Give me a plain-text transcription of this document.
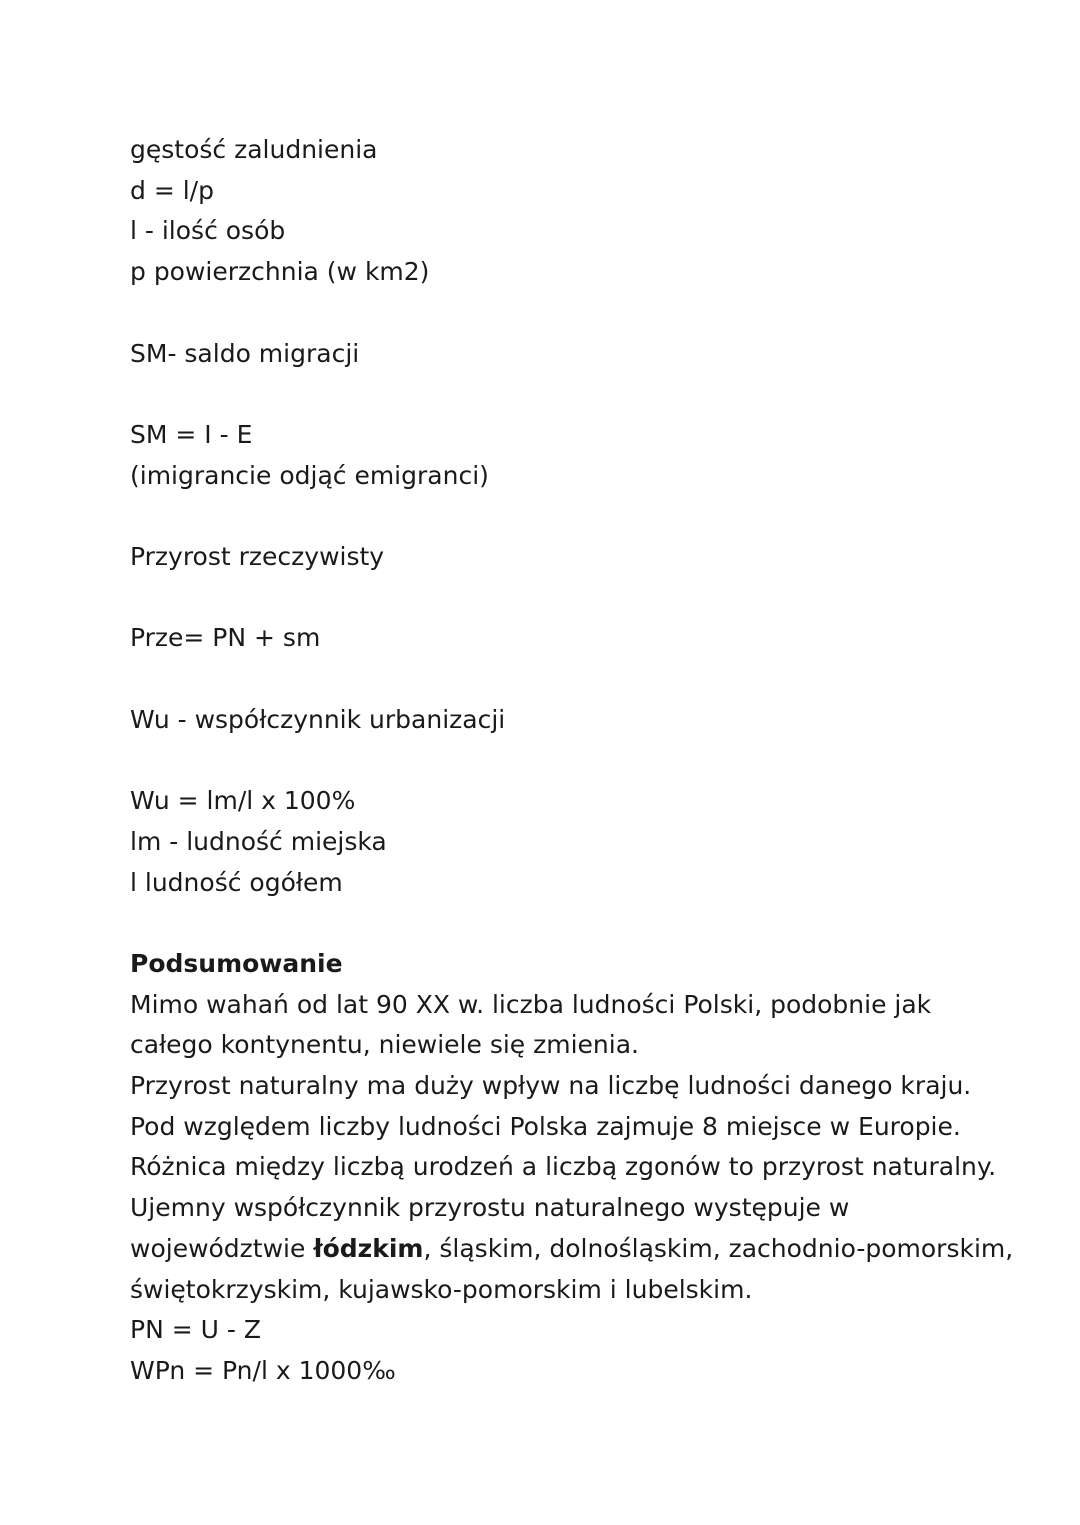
gęstość zaludnienia
d = l/p
l - ilość osób
p powierzchnia (w km2)
SM- saldo migracji
SM = I - E
(imigrancie odjąć emigranci)
Przyrost rzeczywisty
Prze= PN + sm
Wu - współczynnik urbanizacji
Wu = lm/l x 100%
lm - ludność miejska
l ludność ogółem
Podsumowanie
Mimo wahań od lat 90 XX w. liczba ludności Polski, podobnie jak
całego kontynentu, niewiele się zmienia.
Przyrost naturalny ma duży wpływ na liczbę ludności danego kraju.
Pod względem liczby ludności Polska zajmuje 8 miejsce w Europie.
Różnica między liczbą urodzeń a liczbą zgonów to przyrost naturalny.
Ujemny współczynnik przyrostu naturalnego występuje w
województwie łódzkim, śląskim, dolnośląskim, zachodnio-pomorskim,
świętokrzyskim, kujawsko-pomorskim i lubelskim.
PN = U - Z
WPn = Pn/l x 1000‰
